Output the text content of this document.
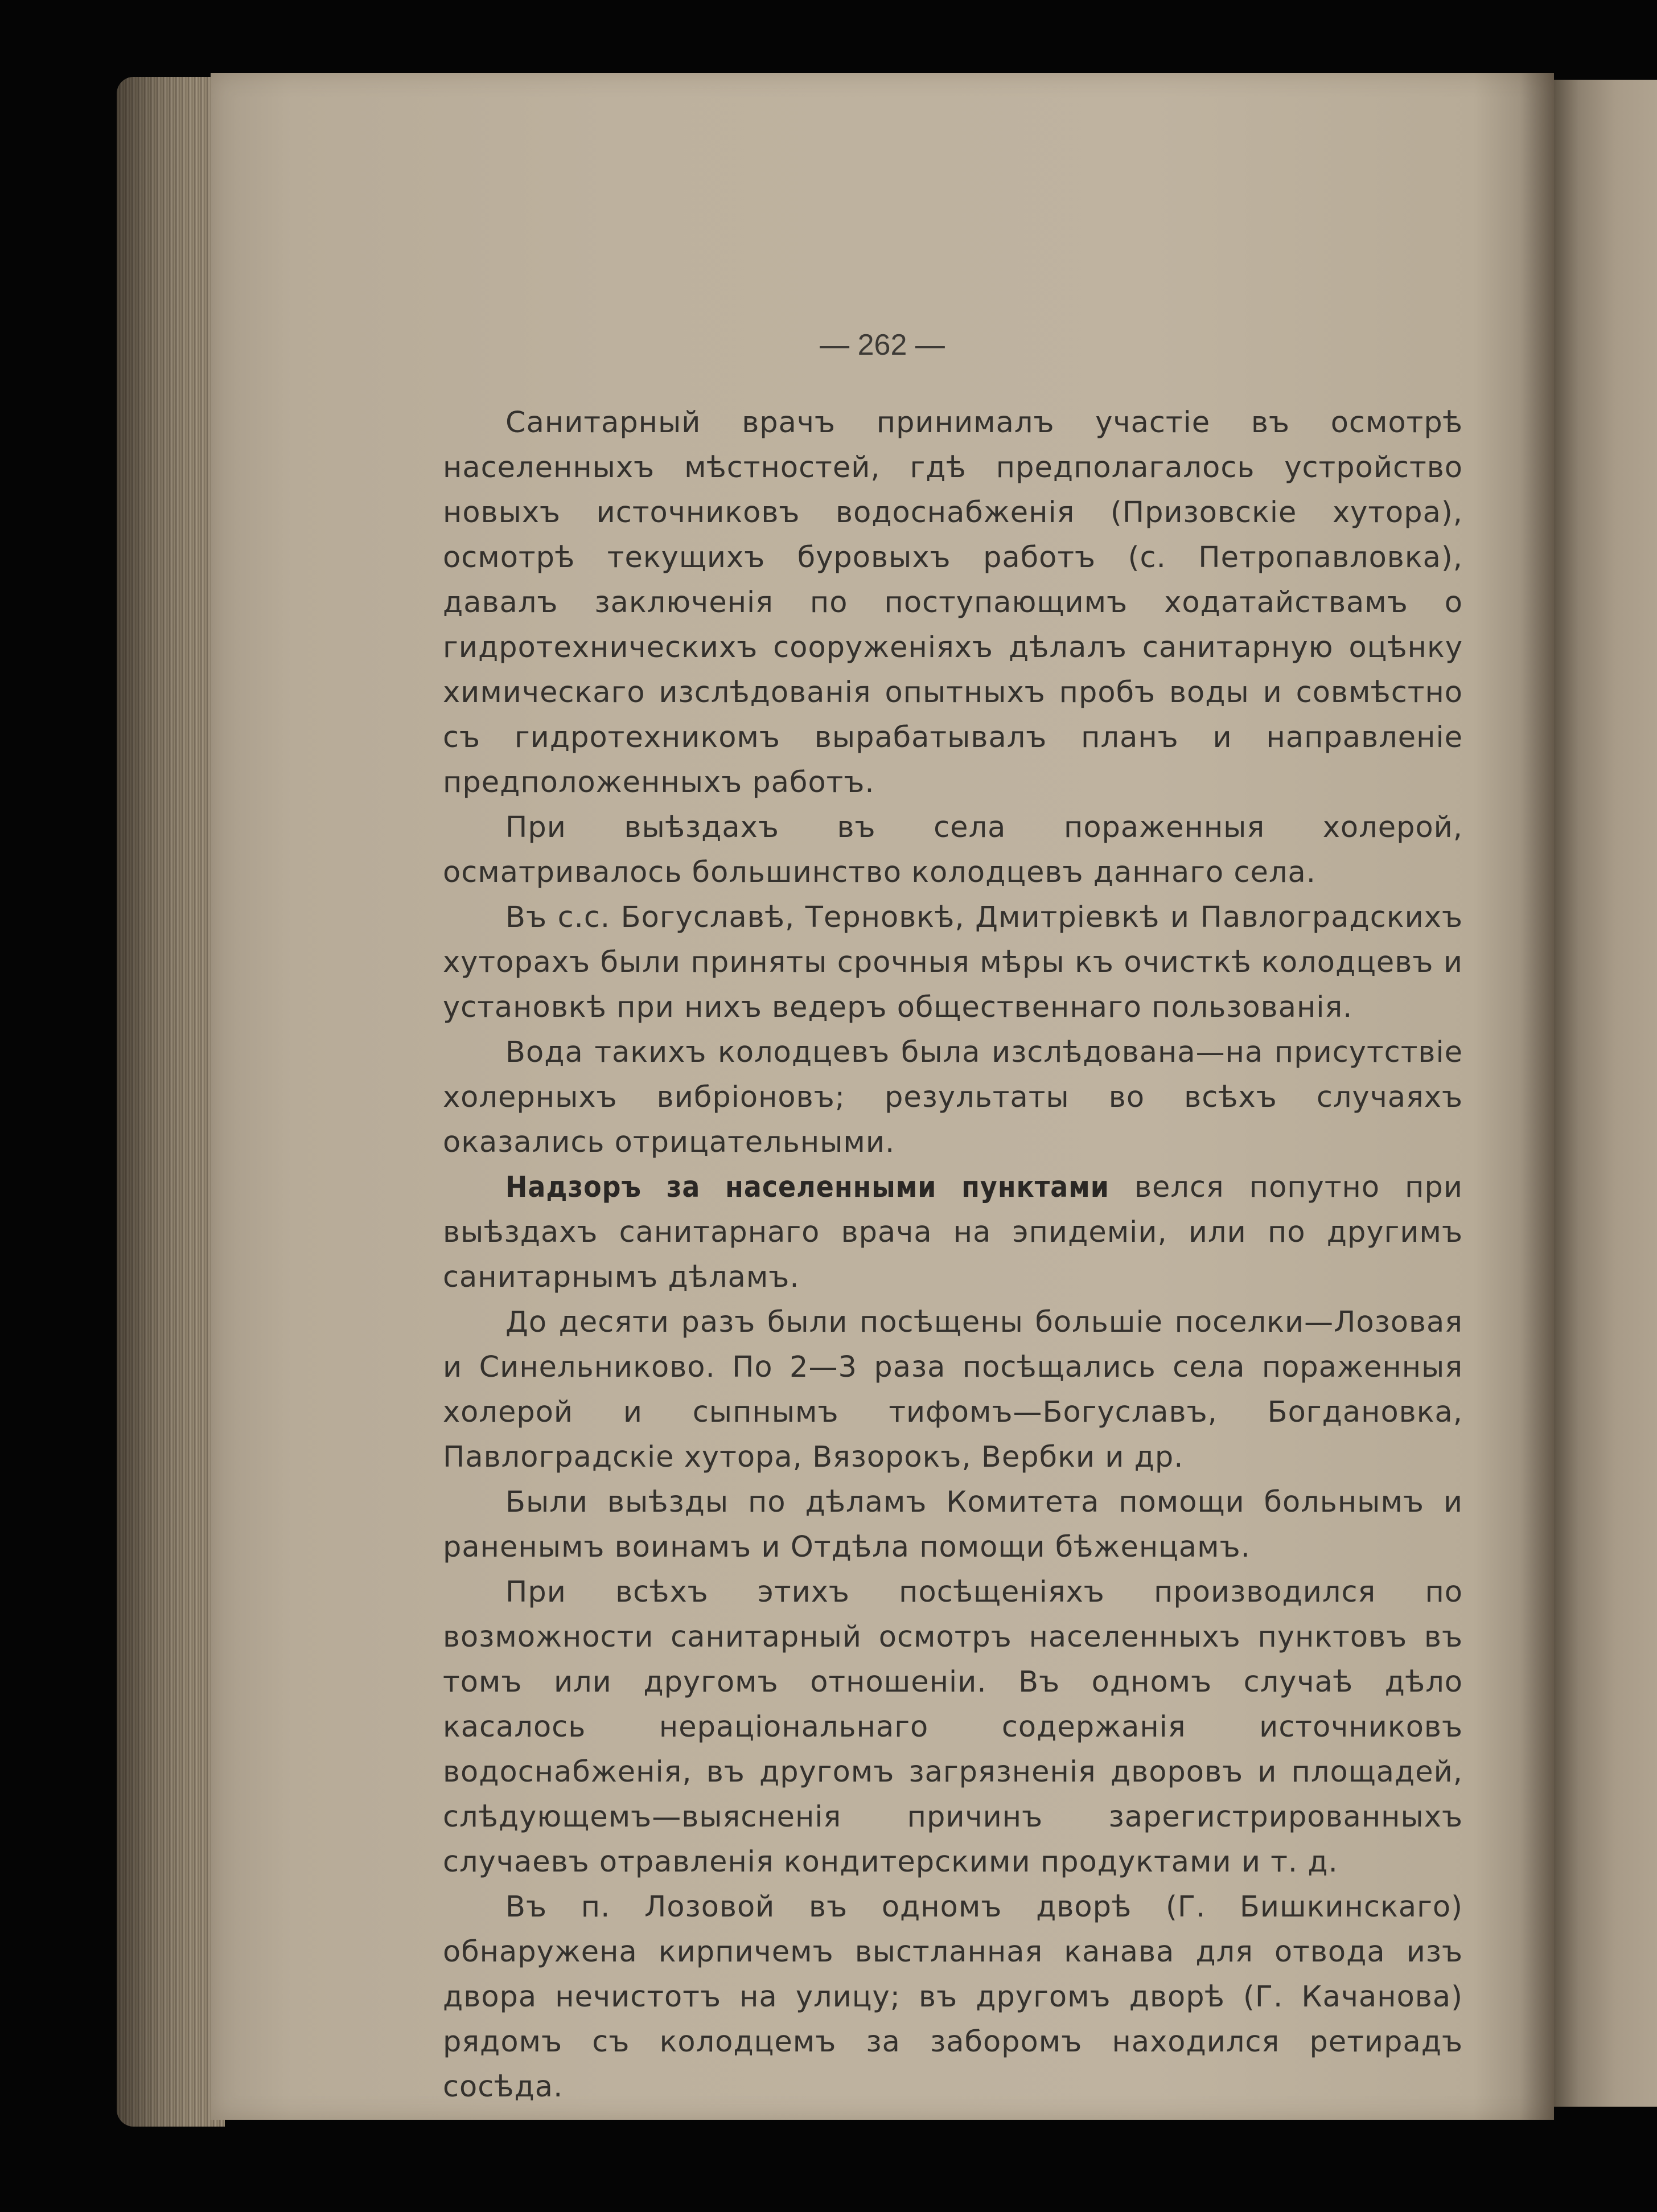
— 262 —

Санитарный врачъ принималъ участіе въ осмотрѣ населенныхъ мѣстностей, гдѣ предполагалось устройство новыхъ источниковъ водоснабженія (Призовскіе хутора), осмотрѣ текущихъ буровыхъ работъ (с. Петропавловка), давалъ заключенія по поступающимъ ходатайствамъ о гидротехническихъ сооруженіяхъ дѣлалъ санитарную оцѣнку химическаго изслѣдованія опытныхъ пробъ воды и совмѣстно съ гидротехникомъ вырабатывалъ планъ и направленіе предположенныхъ работъ.

При выѣздахъ въ села пораженныя холерой, осматривалось большинство колодцевъ даннаго села.

Въ с.с. Богуславѣ, Терновкѣ, Дмитріевкѣ и Павлоградскихъ хуторахъ были приняты срочныя мѣры къ очисткѣ колодцевъ и установкѣ при нихъ ведеръ общественнаго пользованія.

Вода такихъ колодцевъ была изслѣдована—на присутствіе холерныхъ вибріоновъ; результаты во всѣхъ случаяхъ оказались отрицательными.

Надзоръ за населенными пунктами велся попутно при выѣздахъ санитарнаго врача на эпидеміи, или по другимъ санитарнымъ дѣламъ.

До десяти разъ были посѣщены большіе поселки—Лозовая и Синельниково. По 2—3 раза посѣщались села пораженныя холерой и сыпнымъ тифомъ—Богуславъ, Богдановка, Павлоградскіе хутора, Вязорокъ, Вербки и др.

Были выѣзды по дѣламъ Комитета помощи больнымъ и раненымъ воинамъ и Отдѣла помощи бѣженцамъ.

При всѣхъ этихъ посѣщеніяхъ производился по возможности санитарный осмотръ населенныхъ пунктовъ въ томъ или другомъ отношеніи. Въ одномъ случаѣ дѣло касалось нераціональнаго содержанія источниковъ водоснабженія, въ другомъ загрязненія дворовъ и площадей, слѣдующемъ—выясненія причинъ зарегистрированныхъ случаевъ отравленія кондитерскими продуктами и т. д.

Въ п. Лозовой въ одномъ дворѣ (Г. Бишкинскаго) обнаружена кирпичемъ выстланная канава для отвода изъ двора нечистотъ на улицу; въ другомъ дворѣ (Г. Качанова) рядомъ съ колодцемъ за заборомъ находился ретирадъ сосѣда.
